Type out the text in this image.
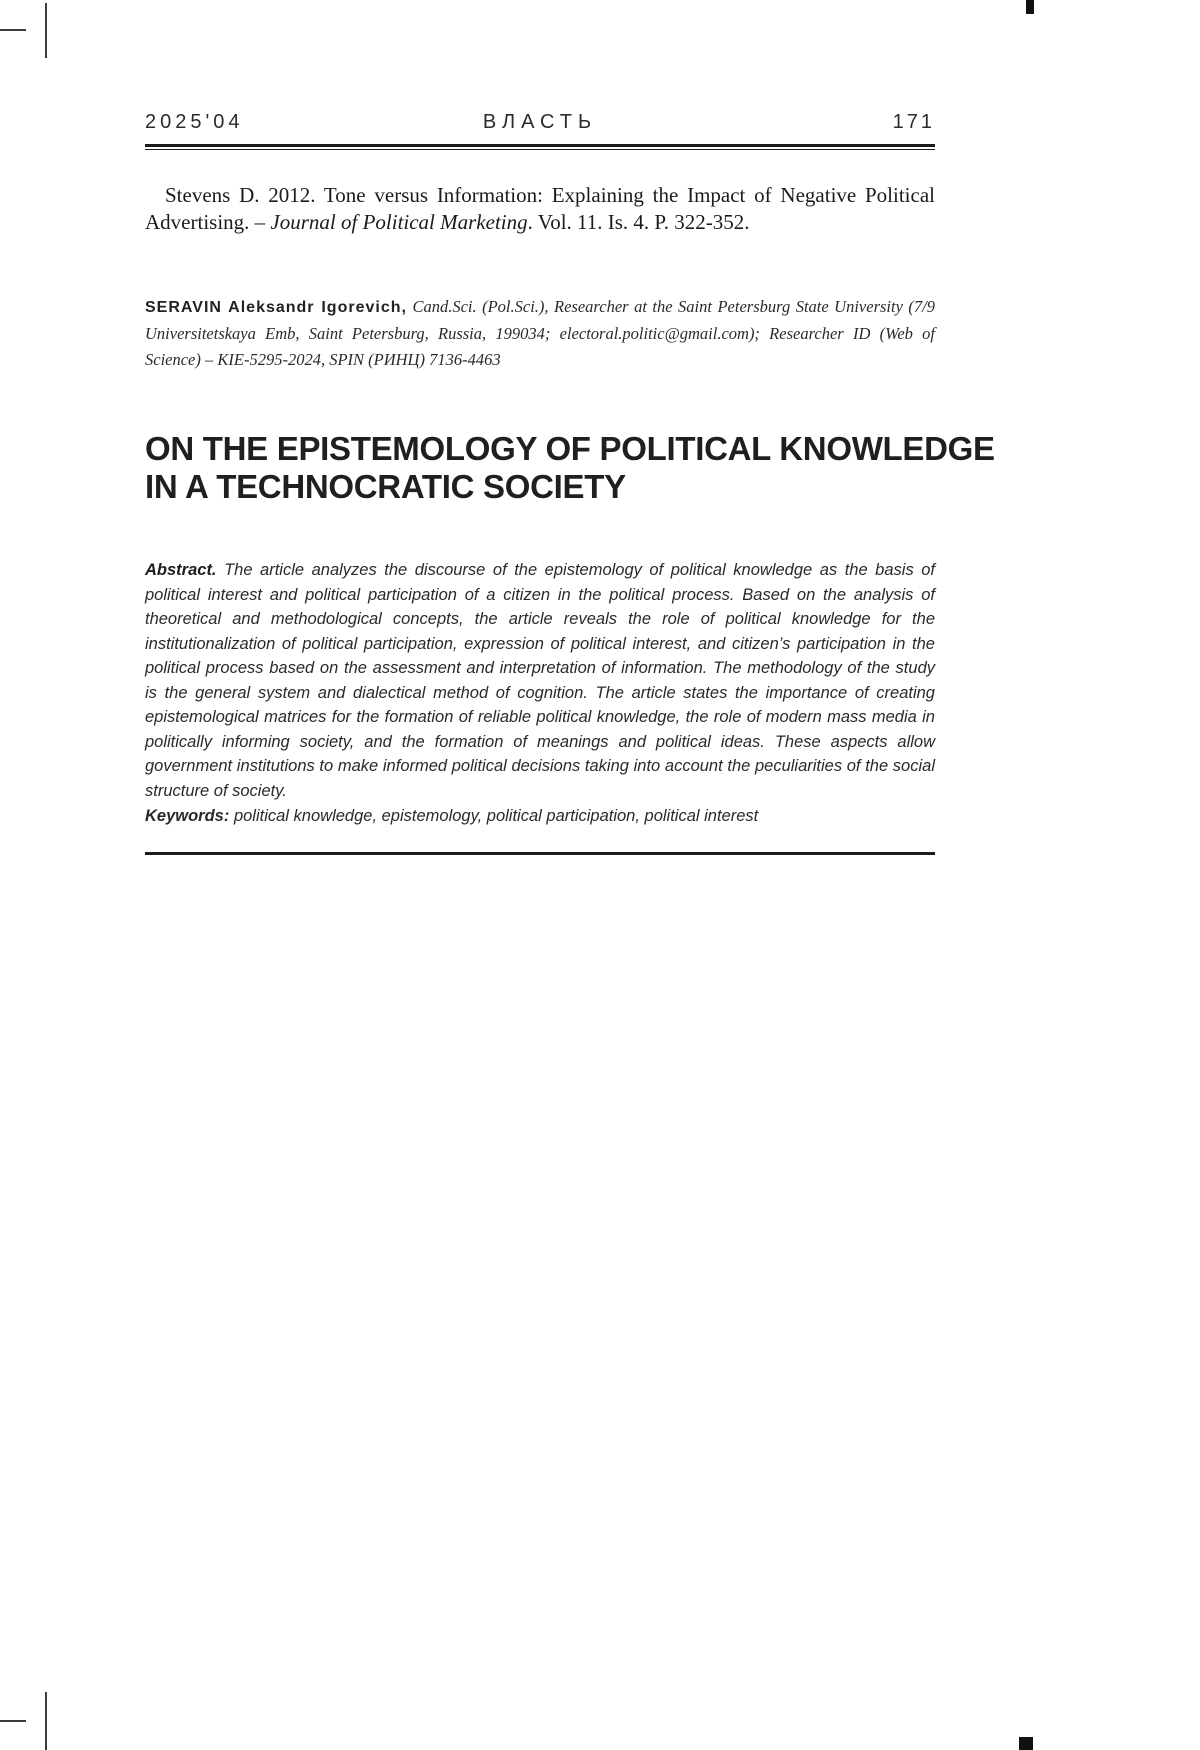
2025'04	ВЛАСТЬ	171

Stevens D. 2012. Tone versus Information: Explaining the Impact of Negative Political Advertising. – Journal of Political Marketing. Vol. 11. Is. 4. P. 322-352.

SERAVIN Aleksandr Igorevich, Cand.Sci. (Pol.Sci.), Researcher at the Saint Petersburg State University (7/9 Universitetskaya Emb, Saint Petersburg, Russia, 199034; electoral.politic@gmail.com); Researcher ID (Web of Science) – KIE-5295-2024, SPIN (РИНЦ) 7136-4463

ON THE EPISTEMOLOGY OF POLITICAL KNOWLEDGE
IN A TECHNOCRATIC SOCIETY

Abstract. The article analyzes the discourse of the epistemology of political knowledge as the basis of political interest and political participation of a citizen in the political process. Based on the analysis of theoretical and methodological concepts, the article reveals the role of political knowledge for the institutionalization of political participation, expression of political interest, and citizen’s participation in the political process based on the assessment and interpretation of information. The methodology of the study is the general system and dialectical method of cognition. The article states the importance of creating epistemological matrices for the formation of reliable political knowledge, the role of modern mass media in politically informing society, and the formation of meanings and political ideas. These aspects allow government institutions to make informed political decisions taking into account the peculiarities of the social structure of society.

Keywords: political knowledge, epistemology, political participation, political interest
